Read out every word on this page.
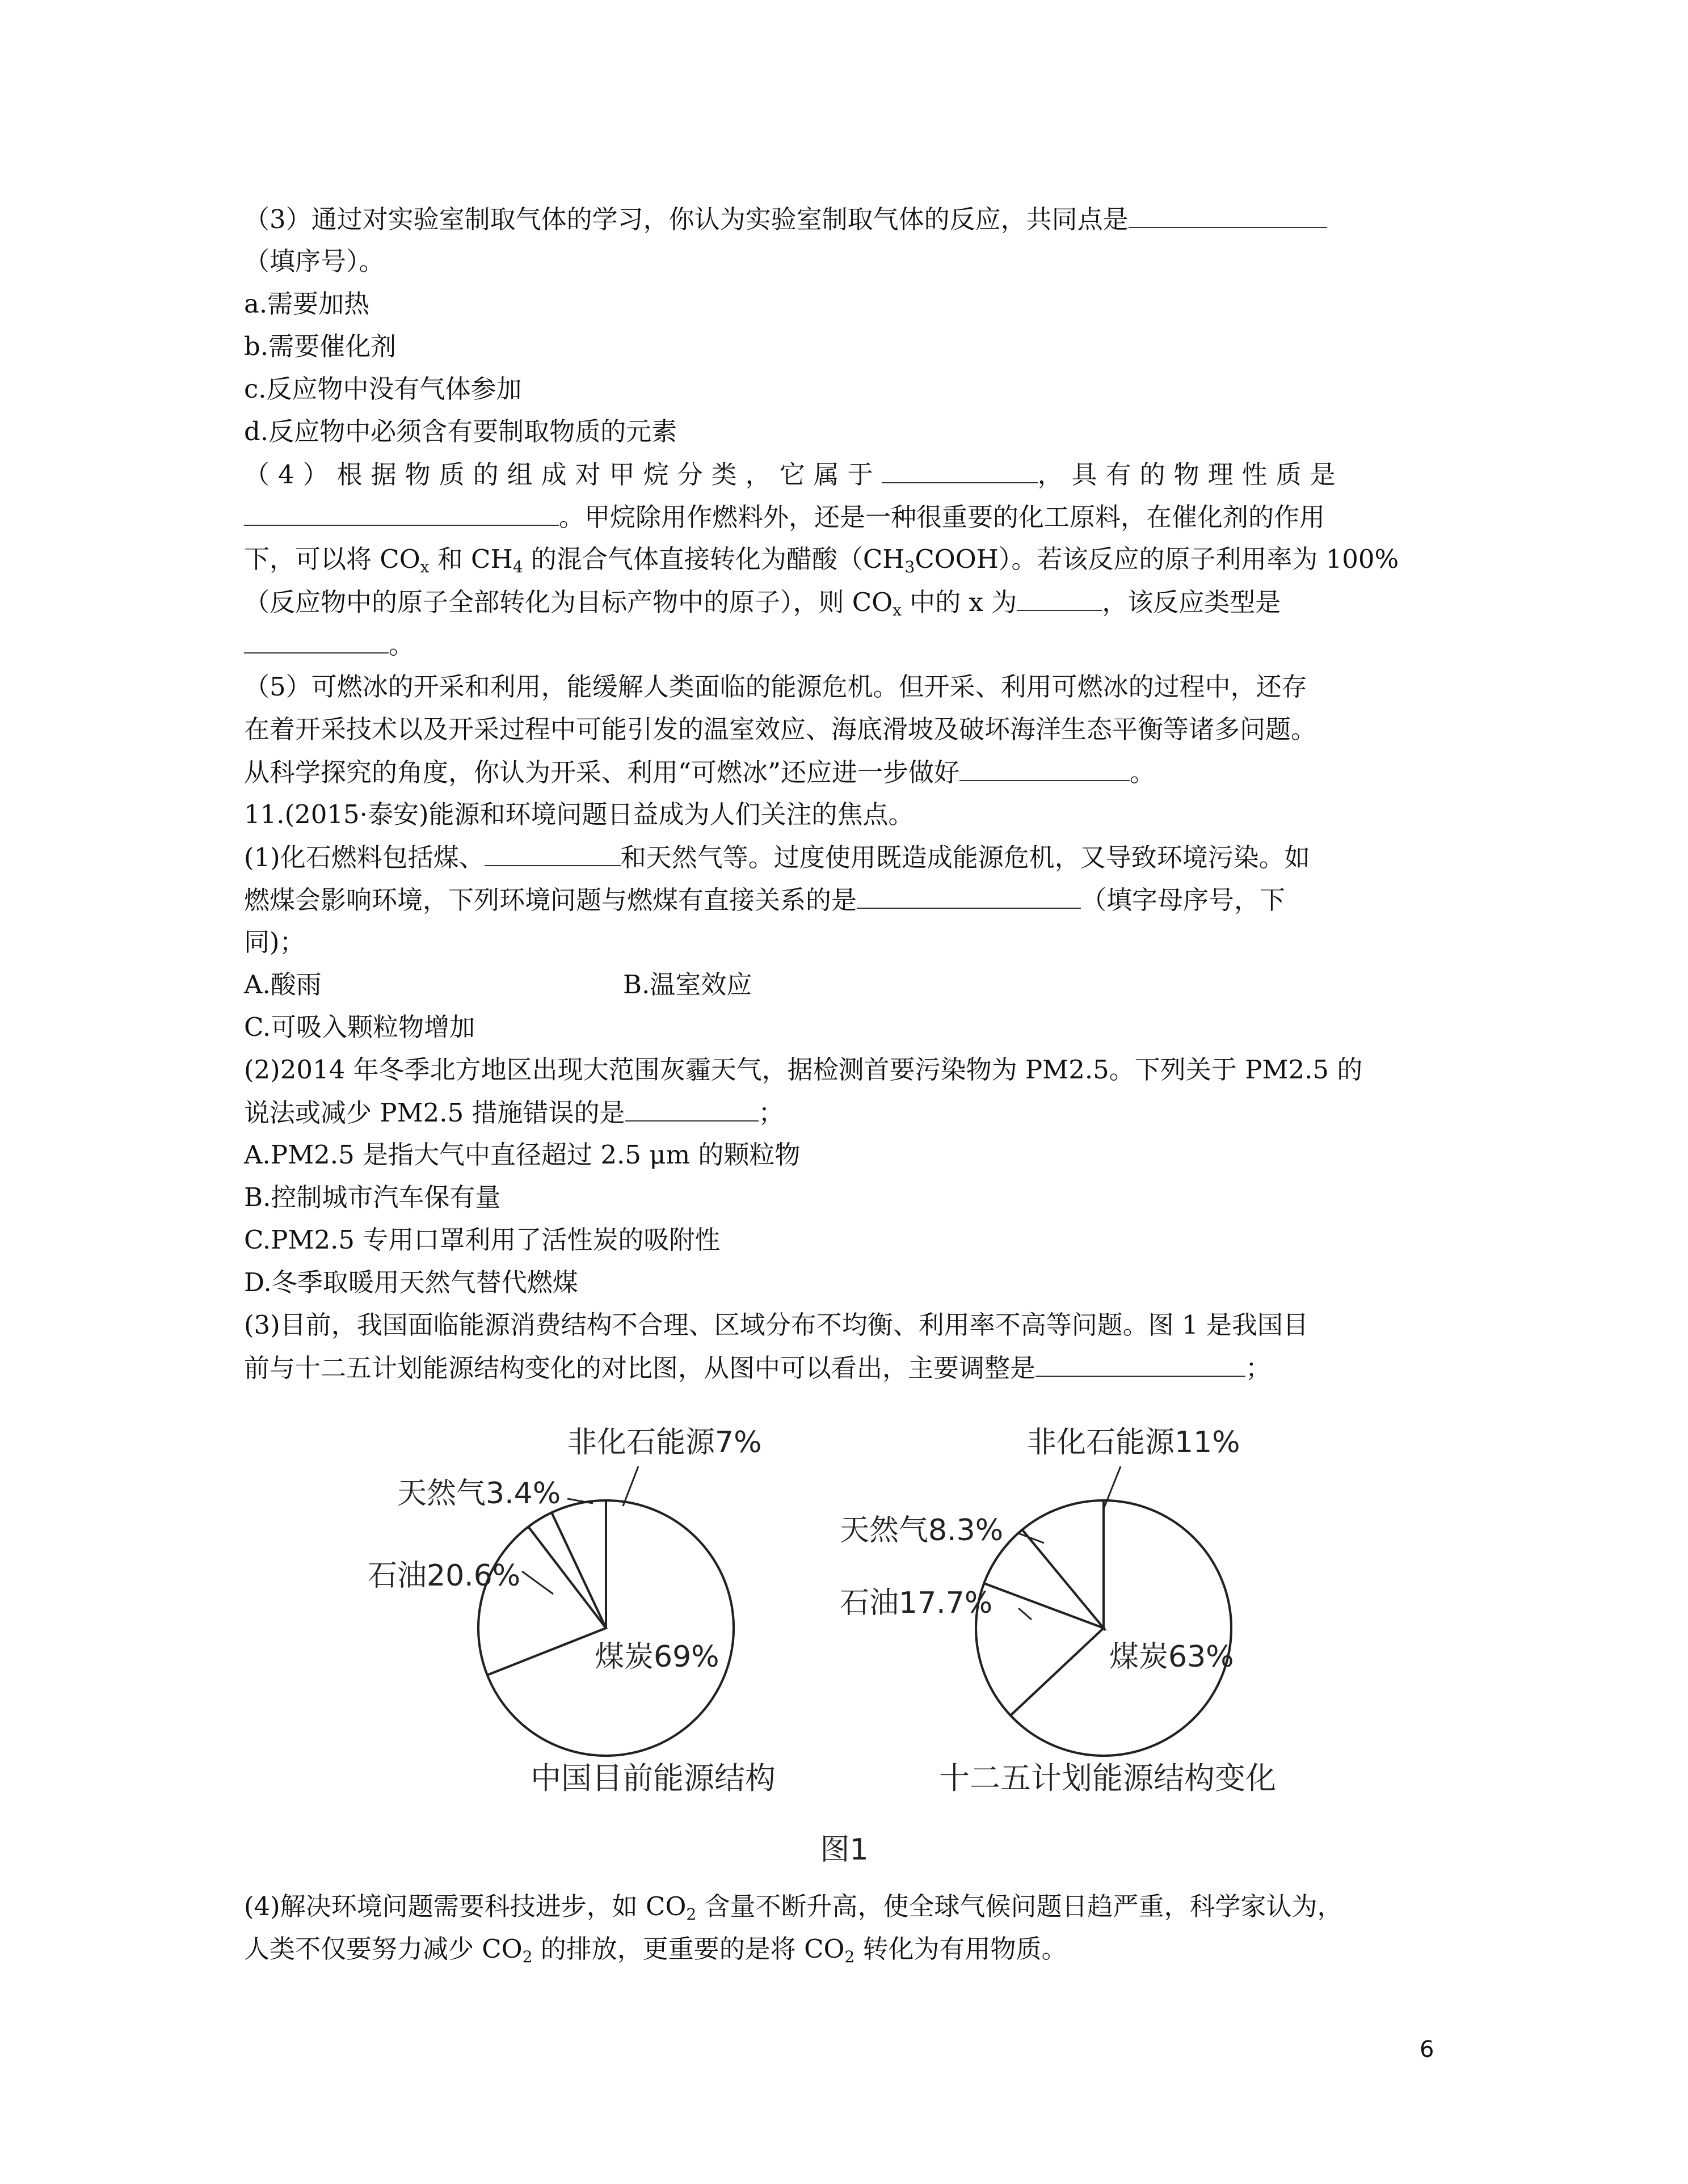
（3）通过对实验室制取气体的学习，你认为实验室制取气体的反应，共同点是
（填序号）。
a.需要加热
b.需要催化剂
c.反应物中没有气体参加
d.反应物中必须含有要制取物质的元素
（4）根据物质的组成对甲烷分类，它属于	，具有的物理性质是
。甲烷除用作燃料外，还是一种很重要的化工原料，在催化剂的作用
下，可以将 $CO_x$ 和 $CH_4$ 的混合气体直接转化为醋酸$(CH_3COOH)$。若该反应的原子利用率为 100%
（反应物中的原子全部转化为目标产物中的原子），则 $CO_x$ 中的 x 为	，该反应类型是
。
（5）可燃冰的开采和利用，能缓解人类面临的能源危机。但开采、利用可燃冰的过程中，还存
在着开采技术以及开采过程中可能引发的温室效应、海底滑坡及破坏海洋生态平衡等诸多问题。
从科学探究的角度，你认为开采、利用“可燃冰”还应进一步做好	。
11.(2015·泰安)能源和环境问题日益成为人们关注的焦点。
(1)化石燃料包括煤、	和天然气等。过度使用既造成能源危机，又导致环境污染。如
燃煤会影响环境，下列环境问题与燃煤有直接关系的是	（填字母序号，下
同)；
A.酸雨	B.温室效应
C.可吸入颗粒物增加
(2)2014 年冬季北方地区出现大范围灰霾天气，据检测首要污染物为 PM2.5。下列关于 PM2.5 的
说法或减少 PM2.5 措施错误的是	；
A.PM2.5 是指大气中直径超过 2.5 μm 的颗粒物
B.控制城市汽车保有量
C.PM2.5 专用口罩利用了活性炭的吸附性
D.冬季取暖用天然气替代燃煤
(3)目前，我国面临能源消费结构不合理、区域分布不均衡、利用率不高等问题。图 1 是我国目
前与十二五计划能源结构变化的对比图，从图中可以看出，主要调整是	；
非化石能源7%
天然气3.4%
石油20.6%
煤炭69%
中国目前能源结构
非化石能源11%
天然气8.3%
石油17.7%
煤炭63%
十二五计划能源结构变化
图1
(4)解决环境问题需要科技进步，如 $CO_2$ 含量不断升高，使全球气候问题日趋严重，科学家认为，
人类不仅要努力减少 $CO_2$ 的排放，更重要的是将 $CO_2$ 转化为有用物质。
6
